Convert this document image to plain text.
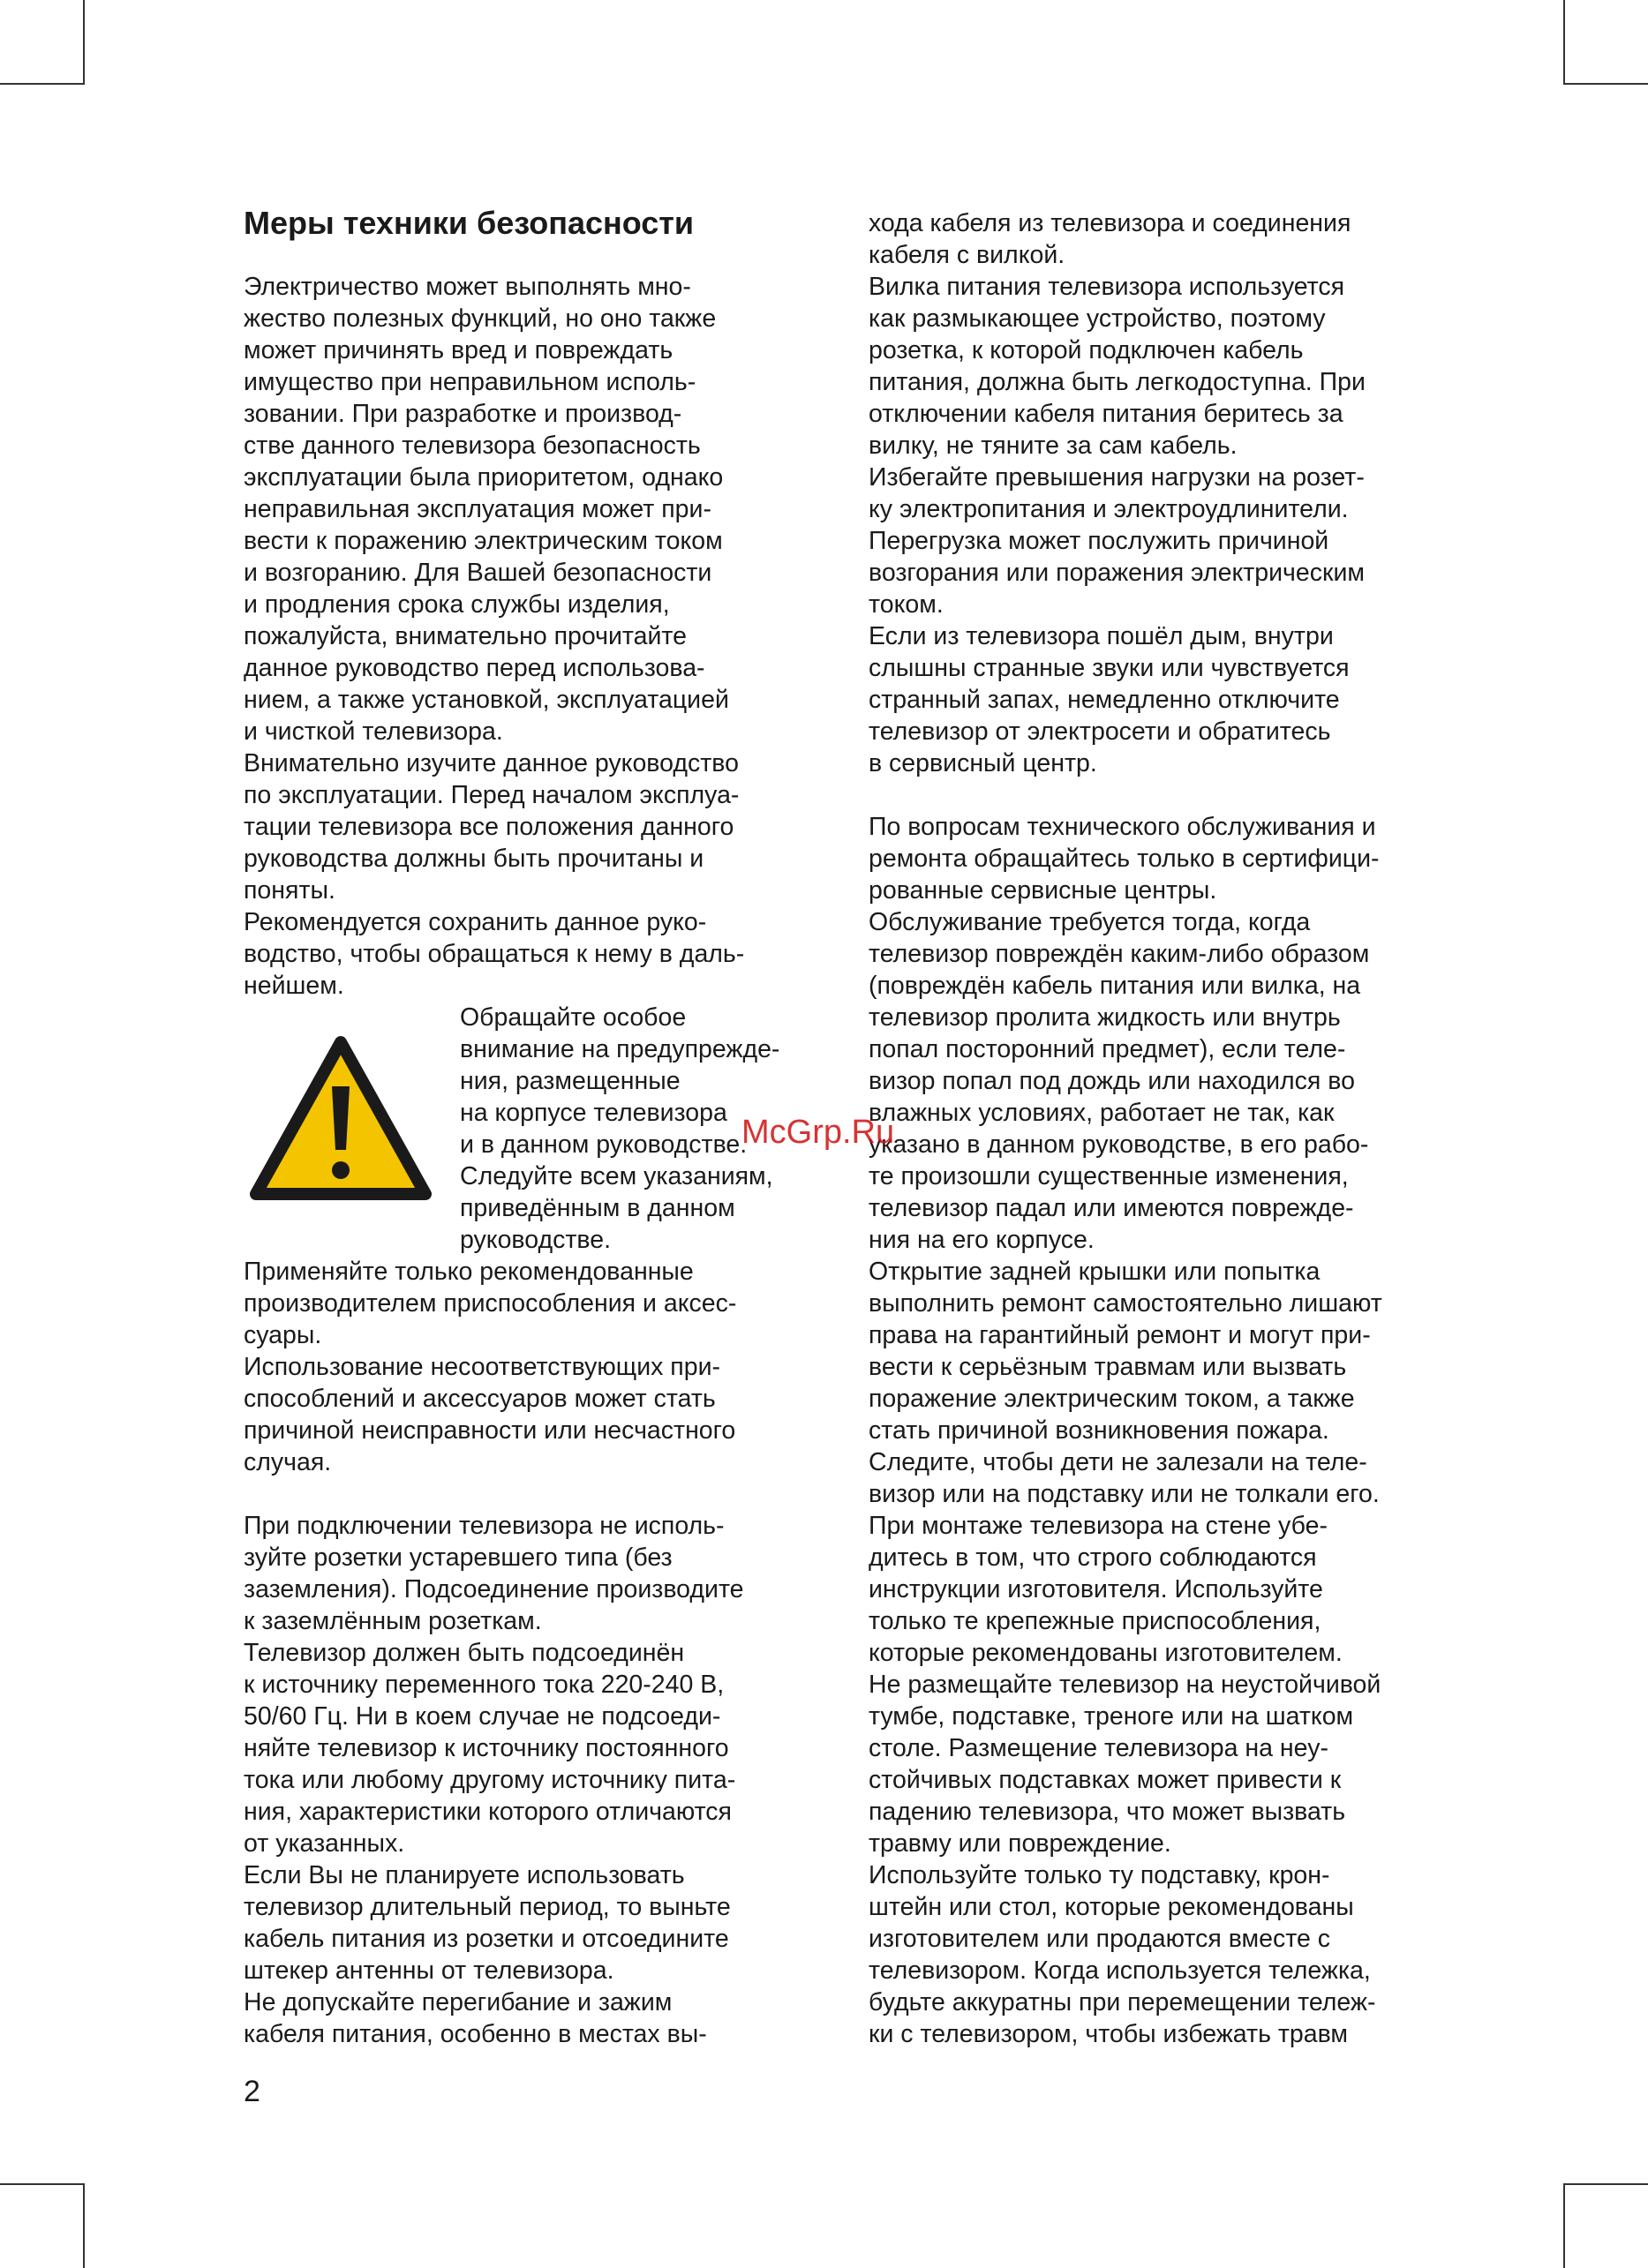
Меры техники безопасности
Электричество может выполнять мно-
жество полезных функций, но оно также
может причинять вред и повреждать
имущество при неправильном исполь-
зовании. При разработке и производ-
стве данного телевизора безопасность
эксплуатации была приоритетом, однако
неправильная эксплуатация может при-
вести к поражению электрическим током
и возгоранию. Для Вашей безопасности
и продления срока службы изделия,
пожалуйста, внимательно прочитайте
данное руководство перед использова-
нием, а также установкой, эксплуатацией
и чисткой телевизора.
Внимательно изучите данное руководство
по эксплуатации. Перед началом эксплуа-
тации телевизора все положения данного
руководства должны быть прочитаны и
поняты.
Рекомендуется сохранить данное руко-
водство, чтобы обращаться к нему в даль-
нейшем.
Обращайте особое
внимание на предупрежде-
ния, размещенные
на корпусе телевизора
и в данном руководстве.
Следуйте всем указаниям,
приведённым в данном
руководстве.
Применяйте только рекомендованные
производителем приспособления и аксес-
суары.
Использование несоответствующих при-
способлений и аксессуаров может стать
причиной неисправности или несчастного
случая.
При подключении телевизора не исполь-
зуйте розетки устаревшего типа (без
заземления). Подсоединение производите
к заземлённым розеткам.
Телевизор должен быть подсоединён
к источнику переменного тока 220-240 В,
50/60 Гц. Ни в коем случае не подсоеди-
няйте телевизор к источнику постоянного
тока или любому другому источнику пита-
ния, характеристики которого отличаются
от указанных.
Если Вы не планируете использовать
телевизор длительный период, то выньте
кабель питания из розетки и отсоедините
штекер антенны от телевизора.
Не допускайте перегибание и зажим
кабеля питания, особенно в местах вы-
хода кабеля из телевизора и соединения
кабеля с вилкой.
Вилка питания телевизора используется
как размыкающее устройство, поэтому
розетка, к которой подключен кабель
питания, должна быть легкодоступна. При
отключении кабеля питания беритесь за
вилку, не тяните за сам кабель.
Избегайте превышения нагрузки на розет-
ку электропитания и электроудлинители.
Перегрузка может послужить причиной
возгорания или поражения электрическим
током.
Если из телевизора пошёл дым, внутри
слышны странные звуки или чувствуется
странный запах, немедленно отключите
телевизор от электросети и обратитесь
в сервисный центр.
По вопросам технического обслуживания и
ремонта обращайтесь только в сертифици-
рованные сервисные центры.
Обслуживание требуется тогда, когда
телевизор повреждён каким-либо образом
(повреждён кабель питания или вилка, на
телевизор пролита жидкость или внутрь
попал посторонний предмет), если теле-
визор попал под дождь или находился во
влажных условиях, работает не так, как
указано в данном руководстве, в его рабо-
те произошли существенные изменения,
телевизор падал или имеются поврежде-
ния на его корпусе.
Открытие задней крышки или попытка
выполнить ремонт самостоятельно лишают
права на гарантийный ремонт и могут при-
вести к серьёзным травмам или вызвать
поражение электрическим током, а также
стать причиной возникновения пожара.
Следите, чтобы дети не залезали на теле-
визор или на подставку или не толкали его.
При монтаже телевизора на стене убе-
дитесь в том, что строго соблюдаются
инструкции изготовителя. Используйте
только те крепежные приспособления,
которые рекомендованы изготовителем.
Не размещайте телевизор на неустойчивой
тумбе, подставке, треноге или на шатком
столе. Размещение телевизора на неу-
стойчивых подставках может привести к
падению телевизора, что может вызвать
травму или повреждение.
Используйте только ту подставку, крон-
штейн или стол, которые рекомендованы
изготовителем или продаются вместе с
телевизором. Когда используется тележка,
будьте аккуратны при перемещении тележ-
ки с телевизором, чтобы избежать травм
McGrp.Ru
2
